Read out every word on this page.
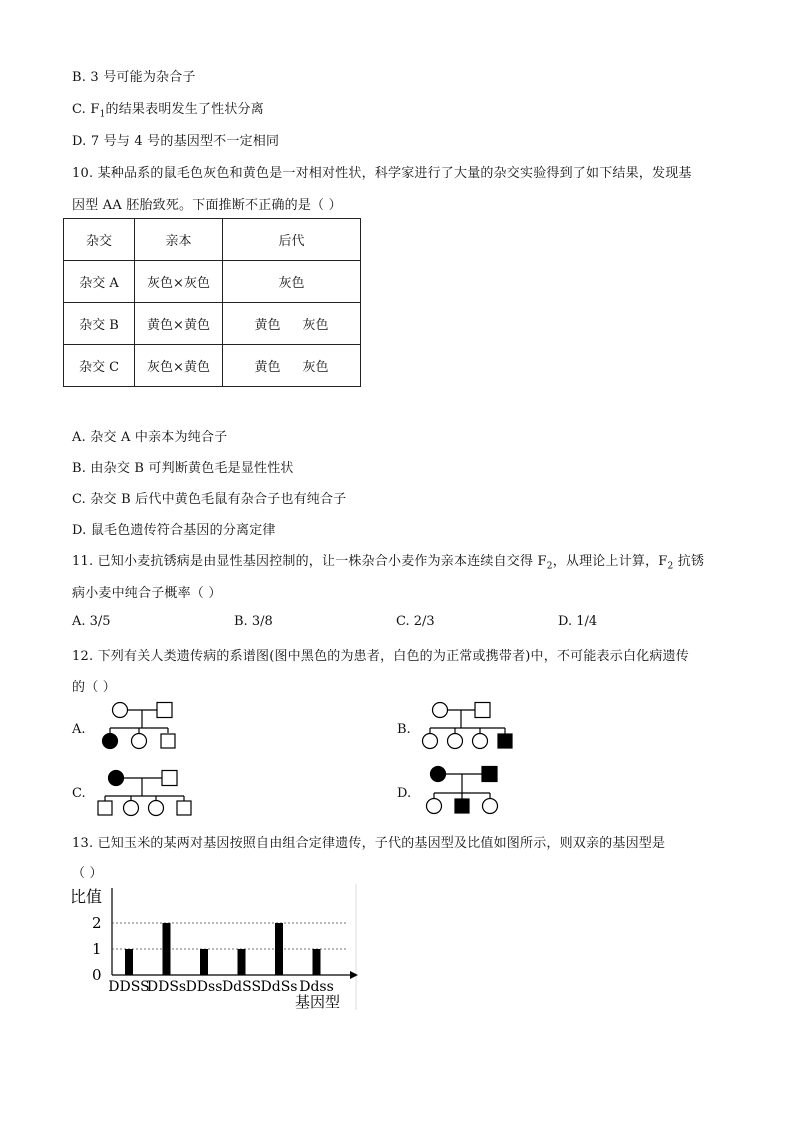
B. 3 号可能为杂合子
C. $F_1$的结果表明发生了性状分离
D. 7 号与 4 号的基因型不一定相同
10. 某种品系的鼠毛色灰色和黄色是一对相对性状，科学家进行了大量的杂交实验得到了如下结果，发现基
因型 AA 胚胎致死。下面推断不正确的是（ ）
杂交	亲本	后代
杂交 A	灰色×灰色	灰色
杂交 B	黄色×黄色	黄色 灰色
杂交 C	灰色×黄色	黄色 灰色
A. 杂交 A 中亲本为纯合子
B. 由杂交 B 可判断黄色毛是显性性状
C. 杂交 B 后代中黄色毛鼠有杂合子也有纯合子
D. 鼠毛色遗传符合基因的分离定律
11. 已知小麦抗锈病是由显性基因控制的，让一株杂合小麦作为亲本连续自交得 $F_2$，从理论上计算，$F_2$ 抗锈
病小麦中纯合子概率（ ）
A. 3/5	B. 3/8	C. 2/3	D. 1/4
12. 下列有关人类遗传病的系谱图(图中黑色的为患者，白色的为正常或携带者)中，不可能表示白化病遗传
的（ ）
A.	B.
C.	D.
13. 已知玉米的某两对基因按照自由组合定律遗传，子代的基因型及比值如图所示，则双亲的基因型是
（ ）
比值
0
1
2
DDSS
DDSs DDss DdSS DdSs Ddss
基因型
